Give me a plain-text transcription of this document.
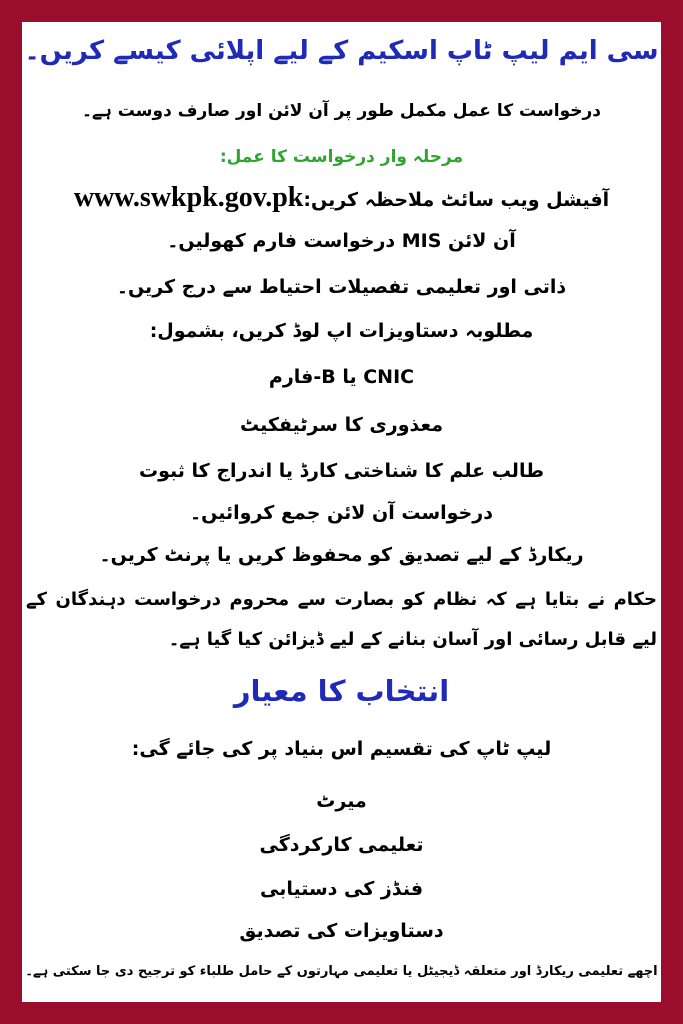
سی ایم لیپ ٹاپ اسکیم کے لیے اپلائی کیسے کریں۔
درخواست کا عمل مکمل طور پر آن لائن اور صارف دوست ہے۔
مرحلہ وار درخواست کا عمل:
آفیشل ویب سائٹ ملاحظہ کریں:www.swkpk.gov.pk
آن لائن MIS درخواست فارم کھولیں۔
ذاتی اور تعلیمی تفصیلات احتیاط سے درج کریں۔
مطلوبہ دستاویزات اپ لوڈ کریں، بشمول:
CNIC یا B-فارم
معذوری کا سرٹیفکیٹ
طالب علم کا شناختی کارڈ یا اندراج کا ثبوت
درخواست آن لائن جمع کروائیں۔
ریکارڈ کے لیے تصدیق کو محفوظ کریں یا پرنٹ کریں۔
حکام نے بتایا ہے کہ نظام کو بصارت سے محروم درخواست دہندگان کے لیے قابل رسائی اور آسان بنانے کے لیے ڈیزائن کیا گیا ہے۔
انتخاب کا معیار
لیپ ٹاپ کی تقسیم اس بنیاد پر کی جائے گی:
میرٹ
تعلیمی کارکردگی
فنڈز کی دستیابی
دستاویزات کی تصدیق
اچھے تعلیمی ریکارڈ اور متعلقہ ڈیجیٹل یا تعلیمی مہارتوں کے حامل طلباء کو ترجیح دی جا سکتی ہے۔
